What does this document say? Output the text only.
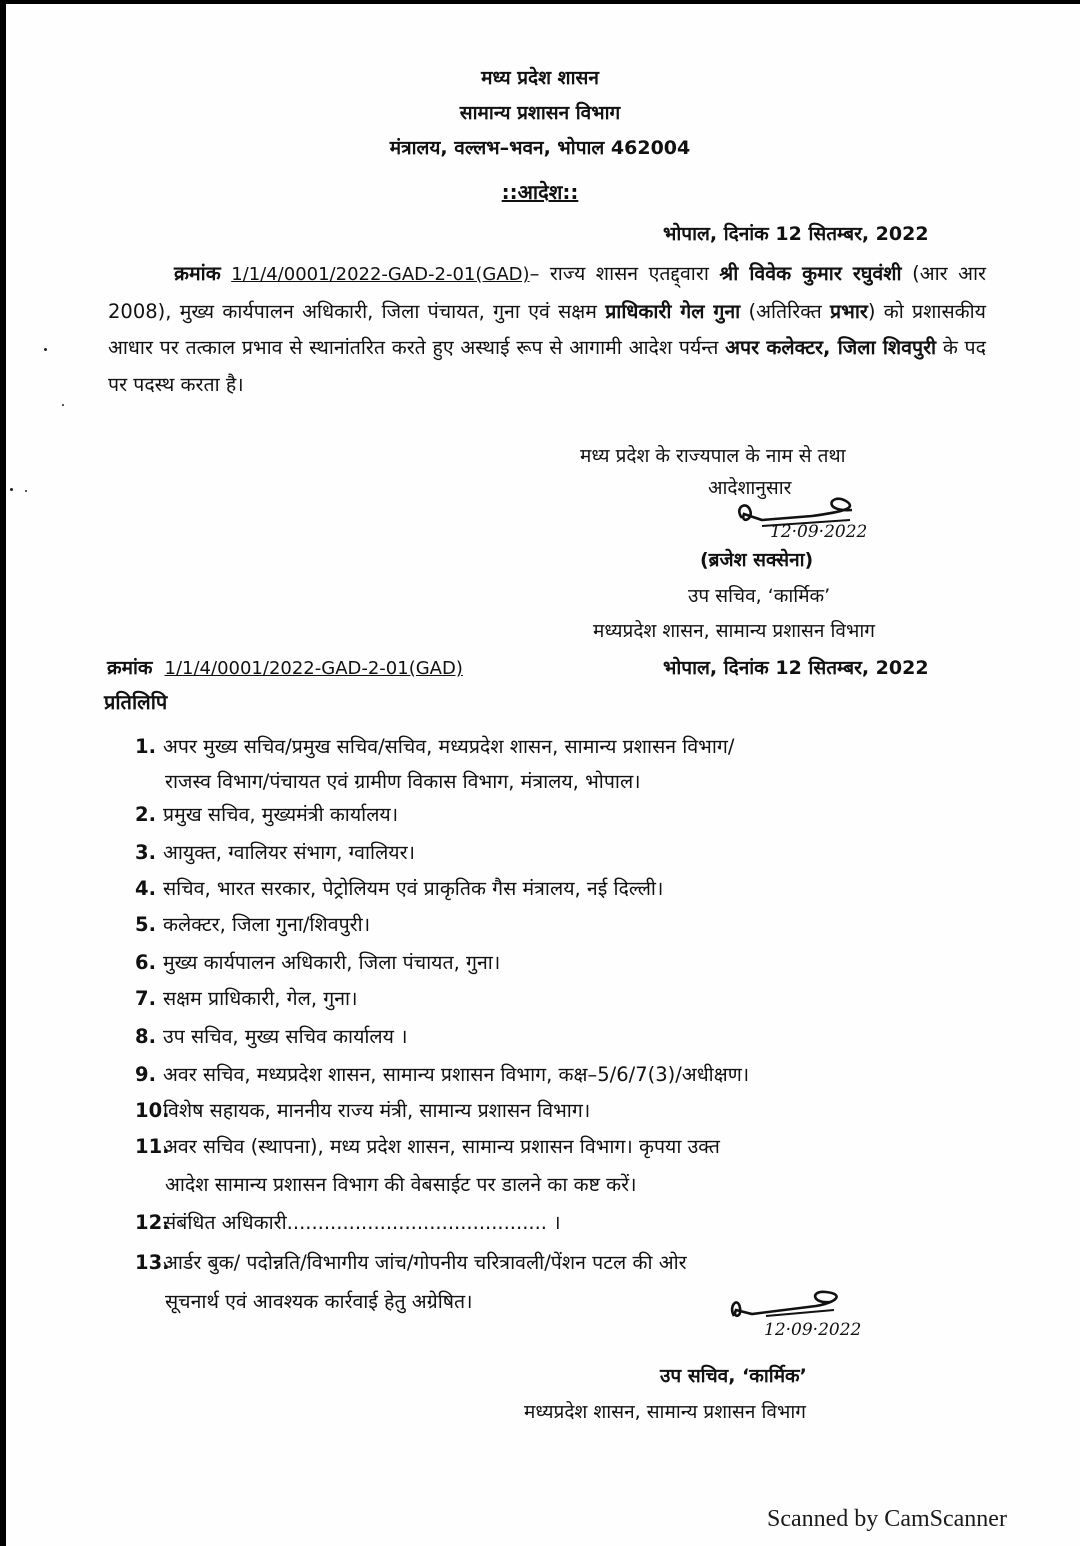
मध्य प्रदेश शासन
सामान्य प्रशासन विभाग
मंत्रालय, वल्लभ–भवन, भोपाल 462004
::आदेश::
भोपाल, दिनांक 12 सितम्बर, 2022
क्रमांक 1/1/4/0001/2022-GAD-2-01(GAD)– राज्य शासन एतद्द्वारा श्री विवेक कुमार रघुवंशी (आर आर 2008), मुख्य कार्यपालन अधिकारी, जिला पंचायत, गुना एवं सक्षम प्राधिकारी गेल गुना (अतिरिक्त प्रभार) को प्रशासकीय आधार पर तत्काल प्रभाव से स्थानांतरित करते हुए अस्थाई रूप से आगामी आदेश पर्यन्त अपर कलेक्टर, जिला शिवपुरी के पद पर पदस्थ करता है।
मध्य प्रदेश के राज्यपाल के नाम से तथा
आदेशानुसार
12·09·2022
(ब्रजेश सक्सेना)
उप सचिव, ‘कार्मिक’
मध्यप्रदेश शासन, सामान्य प्रशासन विभाग
क्रमांक 1/1/4/0001/2022-GAD-2-01(GAD)	भोपाल, दिनांक 12 सितम्बर, 2022
प्रतिलिपि
1. अपर मुख्य सचिव/प्रमुख सचिव/सचिव, मध्यप्रदेश शासन, सामान्य प्रशासन विभाग/
राजस्व विभाग/पंचायत एवं ग्रामीण विकास विभाग, मंत्रालय, भोपाल।
2. प्रमुख सचिव, मुख्यमंत्री कार्यालय।
3. आयुक्त, ग्वालियर संभाग, ग्वालियर।
4. सचिव, भारत सरकार, पेट्रोलियम एवं प्राकृतिक गैस मंत्रालय, नई दिल्ली।
5. कलेक्टर, जिला गुना/शिवपुरी।
6. मुख्य कार्यपालन अधिकारी, जिला पंचायत, गुना।
7. सक्षम प्राधिकारी, गेल, गुना।
8. उप सचिव, मुख्य सचिव कार्यालय ।
9. अवर सचिव, मध्यप्रदेश शासन, सामान्य प्रशासन विभाग, कक्ष–5/6/7(3)/अधीक्षण।
10.विशेष सहायक, माननीय राज्य मंत्री, सामान्य प्रशासन विभाग।
11.अवर सचिव (स्थापना), मध्य प्रदेश शासन, सामान्य प्रशासन विभाग। कृपया उक्त
आदेश सामान्य प्रशासन विभाग की वेबसाईट पर डालने का कष्ट करें।
12.संबंधित अधिकारी.......................................... ।
13.आर्डर बुक/ पदोन्नति/विभागीय जांच/गोपनीय चरित्रावली/पेंशन पटल की ओर
सूचनार्थ एवं आवश्यक कार्रवाई हेतु अग्रेषित।
12·09·2022
उप सचिव, ‘कार्मिक’
मध्यप्रदेश शासन, सामान्य प्रशासन विभाग
Scanned by CamScanner
